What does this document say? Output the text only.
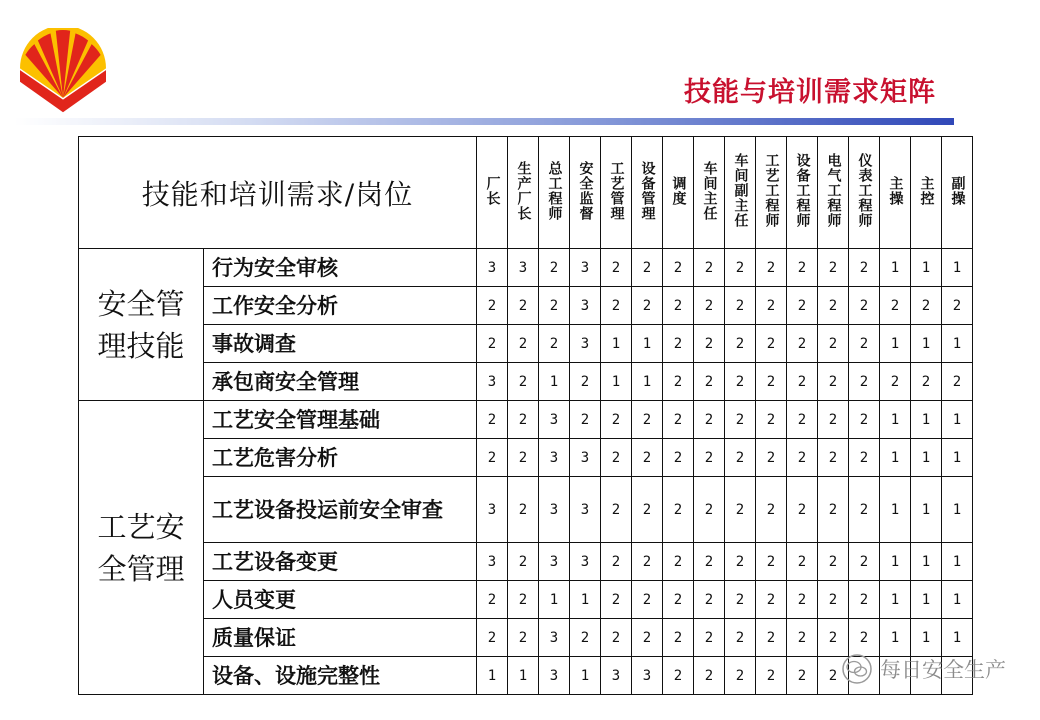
技能与培训需求矩阵
技能和培训需求/岗位		厂长	生产厂长	总工程师	安全监督	工艺管理	设备管理	调度	车间主任	车间副主任	工艺工程师	设备工程师	电气工程师	仪表工程师	主操	主控	副操

安全管
理技能	行为安全审核	3	3	2	3	2	2	2	2	2	2	2	2	2	1	1	1
	工作安全分析	2	2	2	3	2	2	2	2	2	2	2	2	2	2	2	2
	事故调查	2	2	2	3	1	1	2	2	2	2	2	2	2	1	1	1
	承包商安全管理	3	2	1	2	1	1	2	2	2	2	2	2	2	2	2	2

工艺安
全管理	工艺安全管理基础	2	2	3	2	2	2	2	2	2	2	2	2	2	1	1	1
	工艺危害分析	2	2	3	3	2	2	2	2	2	2	2	2	2	1	1	1
	工艺设备投运前安全审查	3	2	3	3	2	2	2	2	2	2	2	2	2	1	1	1
	工艺设备变更	3	2	3	3	2	2	2	2	2	2	2	2	2	1	1	1
	人员变更	2	2	1	1	2	2	2	2	2	2	2	2	2	1	1	1
	质量保证	2	2	3	2	2	2	2	2	2	2	2	2	2	1	1	1
	设备、设施完整性	1	1	3	1	3	3	2	2	2	2	2	2				每日安全生产
